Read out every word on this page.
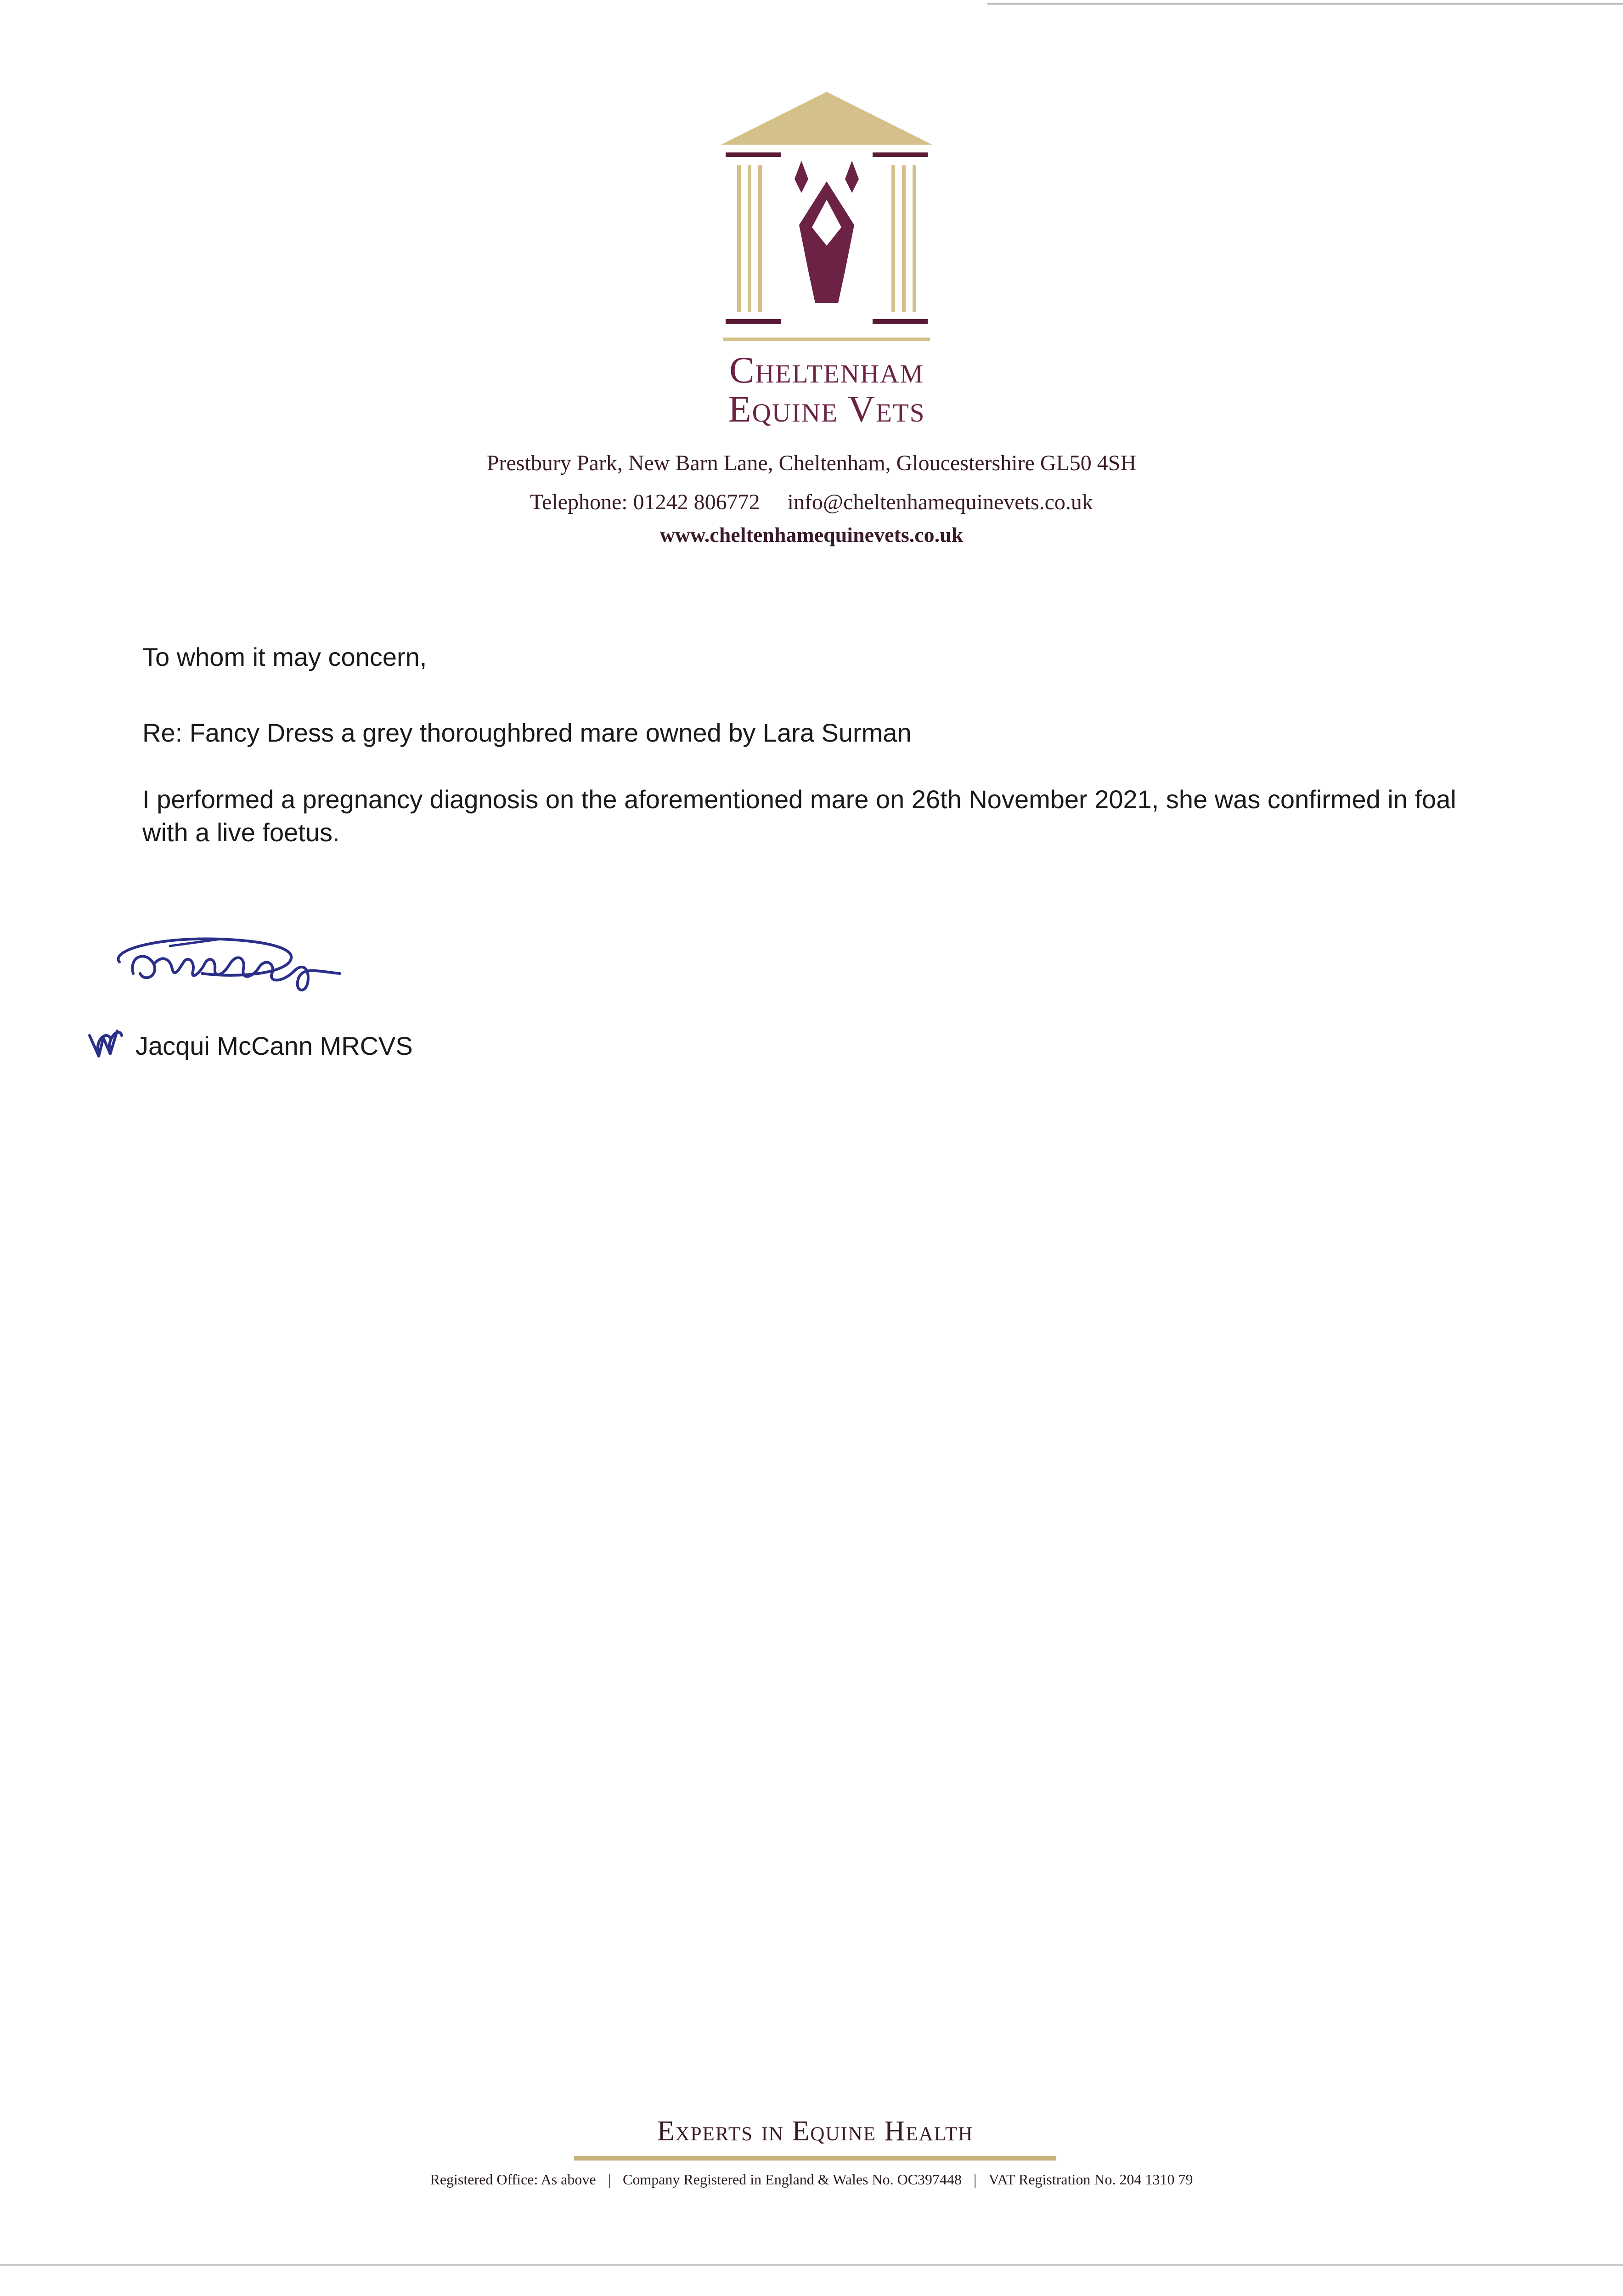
Cheltenham
Equine Vets
Prestbury Park, New Barn Lane, Cheltenham, Gloucestershire GL50 4SH
Telephone: 01242 806772 info@cheltenhamequinevets.co.uk
www.cheltenhamequinevets.co.uk
To whom it may concern,
Re: Fancy Dress a grey thoroughbred mare owned by Lara Surman
I performed a pregnancy diagnosis on the aforementioned mare on 26th November 2021, she was confirmed in foal with a live foetus.
Jacqui McCann MRCVS
Experts in Equine Health
Registered Office: As above | Company Registered in England & Wales No. OC397448 | VAT Registration No. 204 1310 79
